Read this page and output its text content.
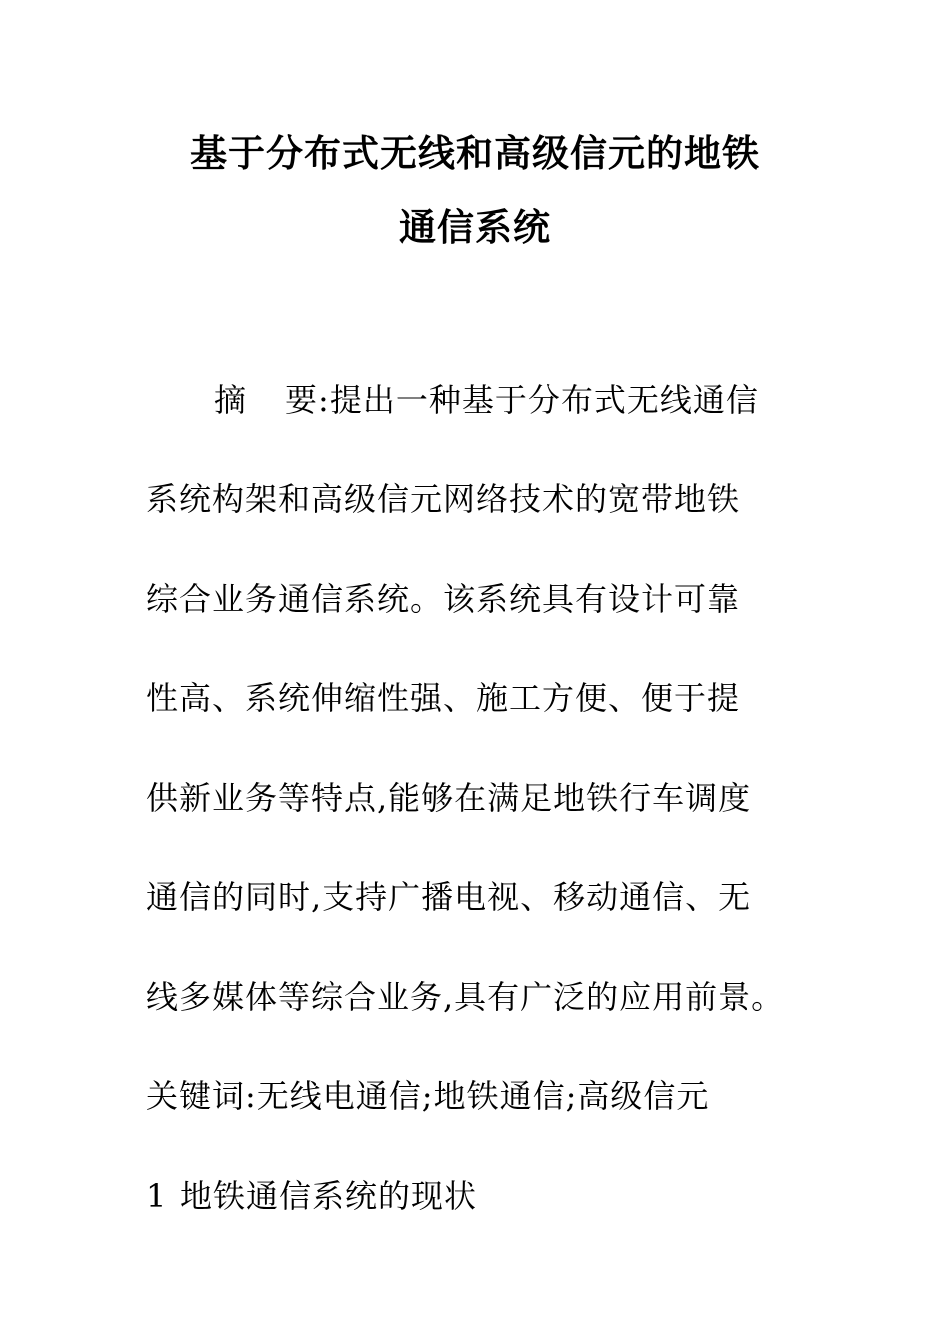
基于分布式无线和高级信元的地铁
通信系统
摘 要:提出一种基于分布式无线通信
系统构架和高级信元网络技术的宽带地铁
综合业务通信系统。该系统具有设计可靠
性高、系统伸缩性强、施工方便、便于提
供新业务等特点,能够在满足地铁行车调度
通信的同时,支持广播电视、移动通信、无
线多媒体等综合业务,具有广泛的应用前景。
关键词:无线电通信;地铁通信;高级信元
1 地铁通信系统的现状
